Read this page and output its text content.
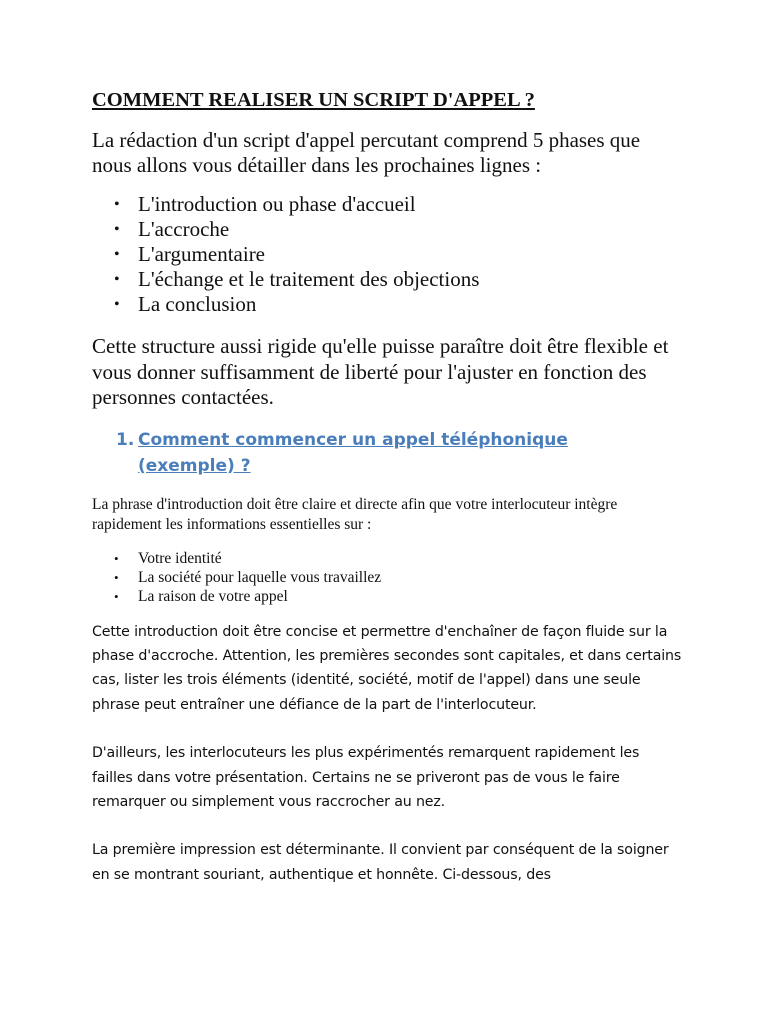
COMMENT REALISER UN SCRIPT D'APPEL ?

La rédaction d'un script d'appel percutant comprend 5 phases que nous allons vous détailler dans les prochaines lignes :

• L'introduction ou phase d'accueil
• L'accroche
• L'argumentaire
• L'échange et le traitement des objections
• La conclusion

Cette structure aussi rigide qu'elle puisse paraître doit être flexible et vous donner suffisamment de liberté pour l'ajuster en fonction des personnes contactées.

1. Comment commencer un appel téléphonique
(exemple) ?

La phrase d'introduction doit être claire et directe afin que votre interlocuteur intègre rapidement les informations essentielles sur :

• Votre identité
• La société pour laquelle vous travaillez
• La raison de votre appel

Cette introduction doit être concise et permettre d'enchaîner de façon fluide sur la phase d'accroche. Attention, les premières secondes sont capitales, et dans certains cas, lister les trois éléments (identité, société, motif de l'appel) dans une seule phrase peut entraîner une défiance de la part de l'interlocuteur.

D'ailleurs, les interlocuteurs les plus expérimentés remarquent rapidement les failles dans votre présentation. Certains ne se priveront pas de vous le faire remarquer ou simplement vous raccrocher au nez.

La première impression est déterminante. Il convient par conséquent de la soigner en se montrant souriant, authentique et honnête. Ci-dessous, des
